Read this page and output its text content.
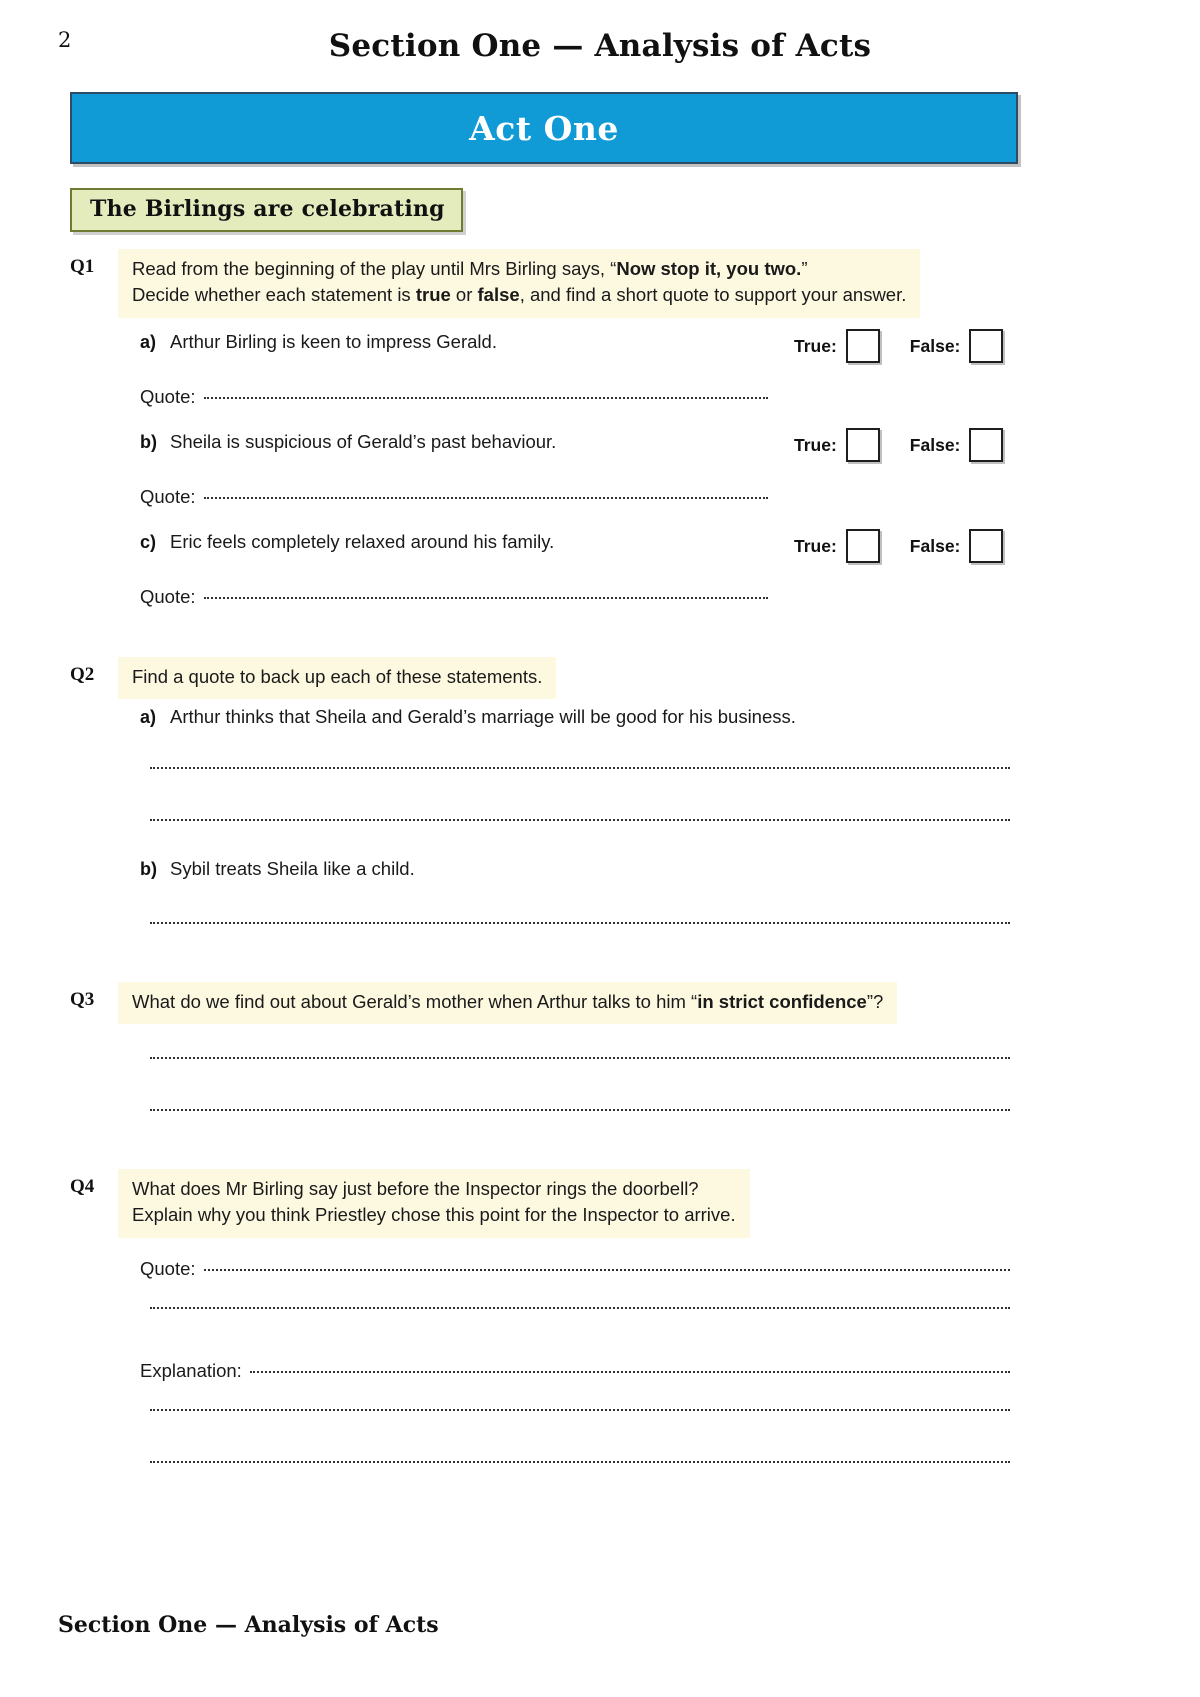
2	Section One — Analysis of Acts
Act One
The Birlings are celebrating
Q1	Read from the beginning of the play until Mrs Birling says, “Now stop it, you two.”
Decide whether each statement is true or false, and find a short quote to support your answer.
a) Arthur Birling is keen to impress Gerald.	True:	False:
Quote:
b) Sheila is suspicious of Gerald’s past behaviour.	True:	False:
Quote:
c) Eric feels completely relaxed around his family.	True:	False:
Quote:
Q2	Find a quote to back up each of these statements.
a) Arthur thinks that Sheila and Gerald’s marriage will be good for his business.
b) Sybil treats Sheila like a child.
Q3	What do we find out about Gerald’s mother when Arthur talks to him “in strict confidence”?
Q4	What does Mr Birling say just before the Inspector rings the doorbell?
Explain why you think Priestley chose this point for the Inspector to arrive.
Quote:
Explanation:
Section One — Analysis of Acts
